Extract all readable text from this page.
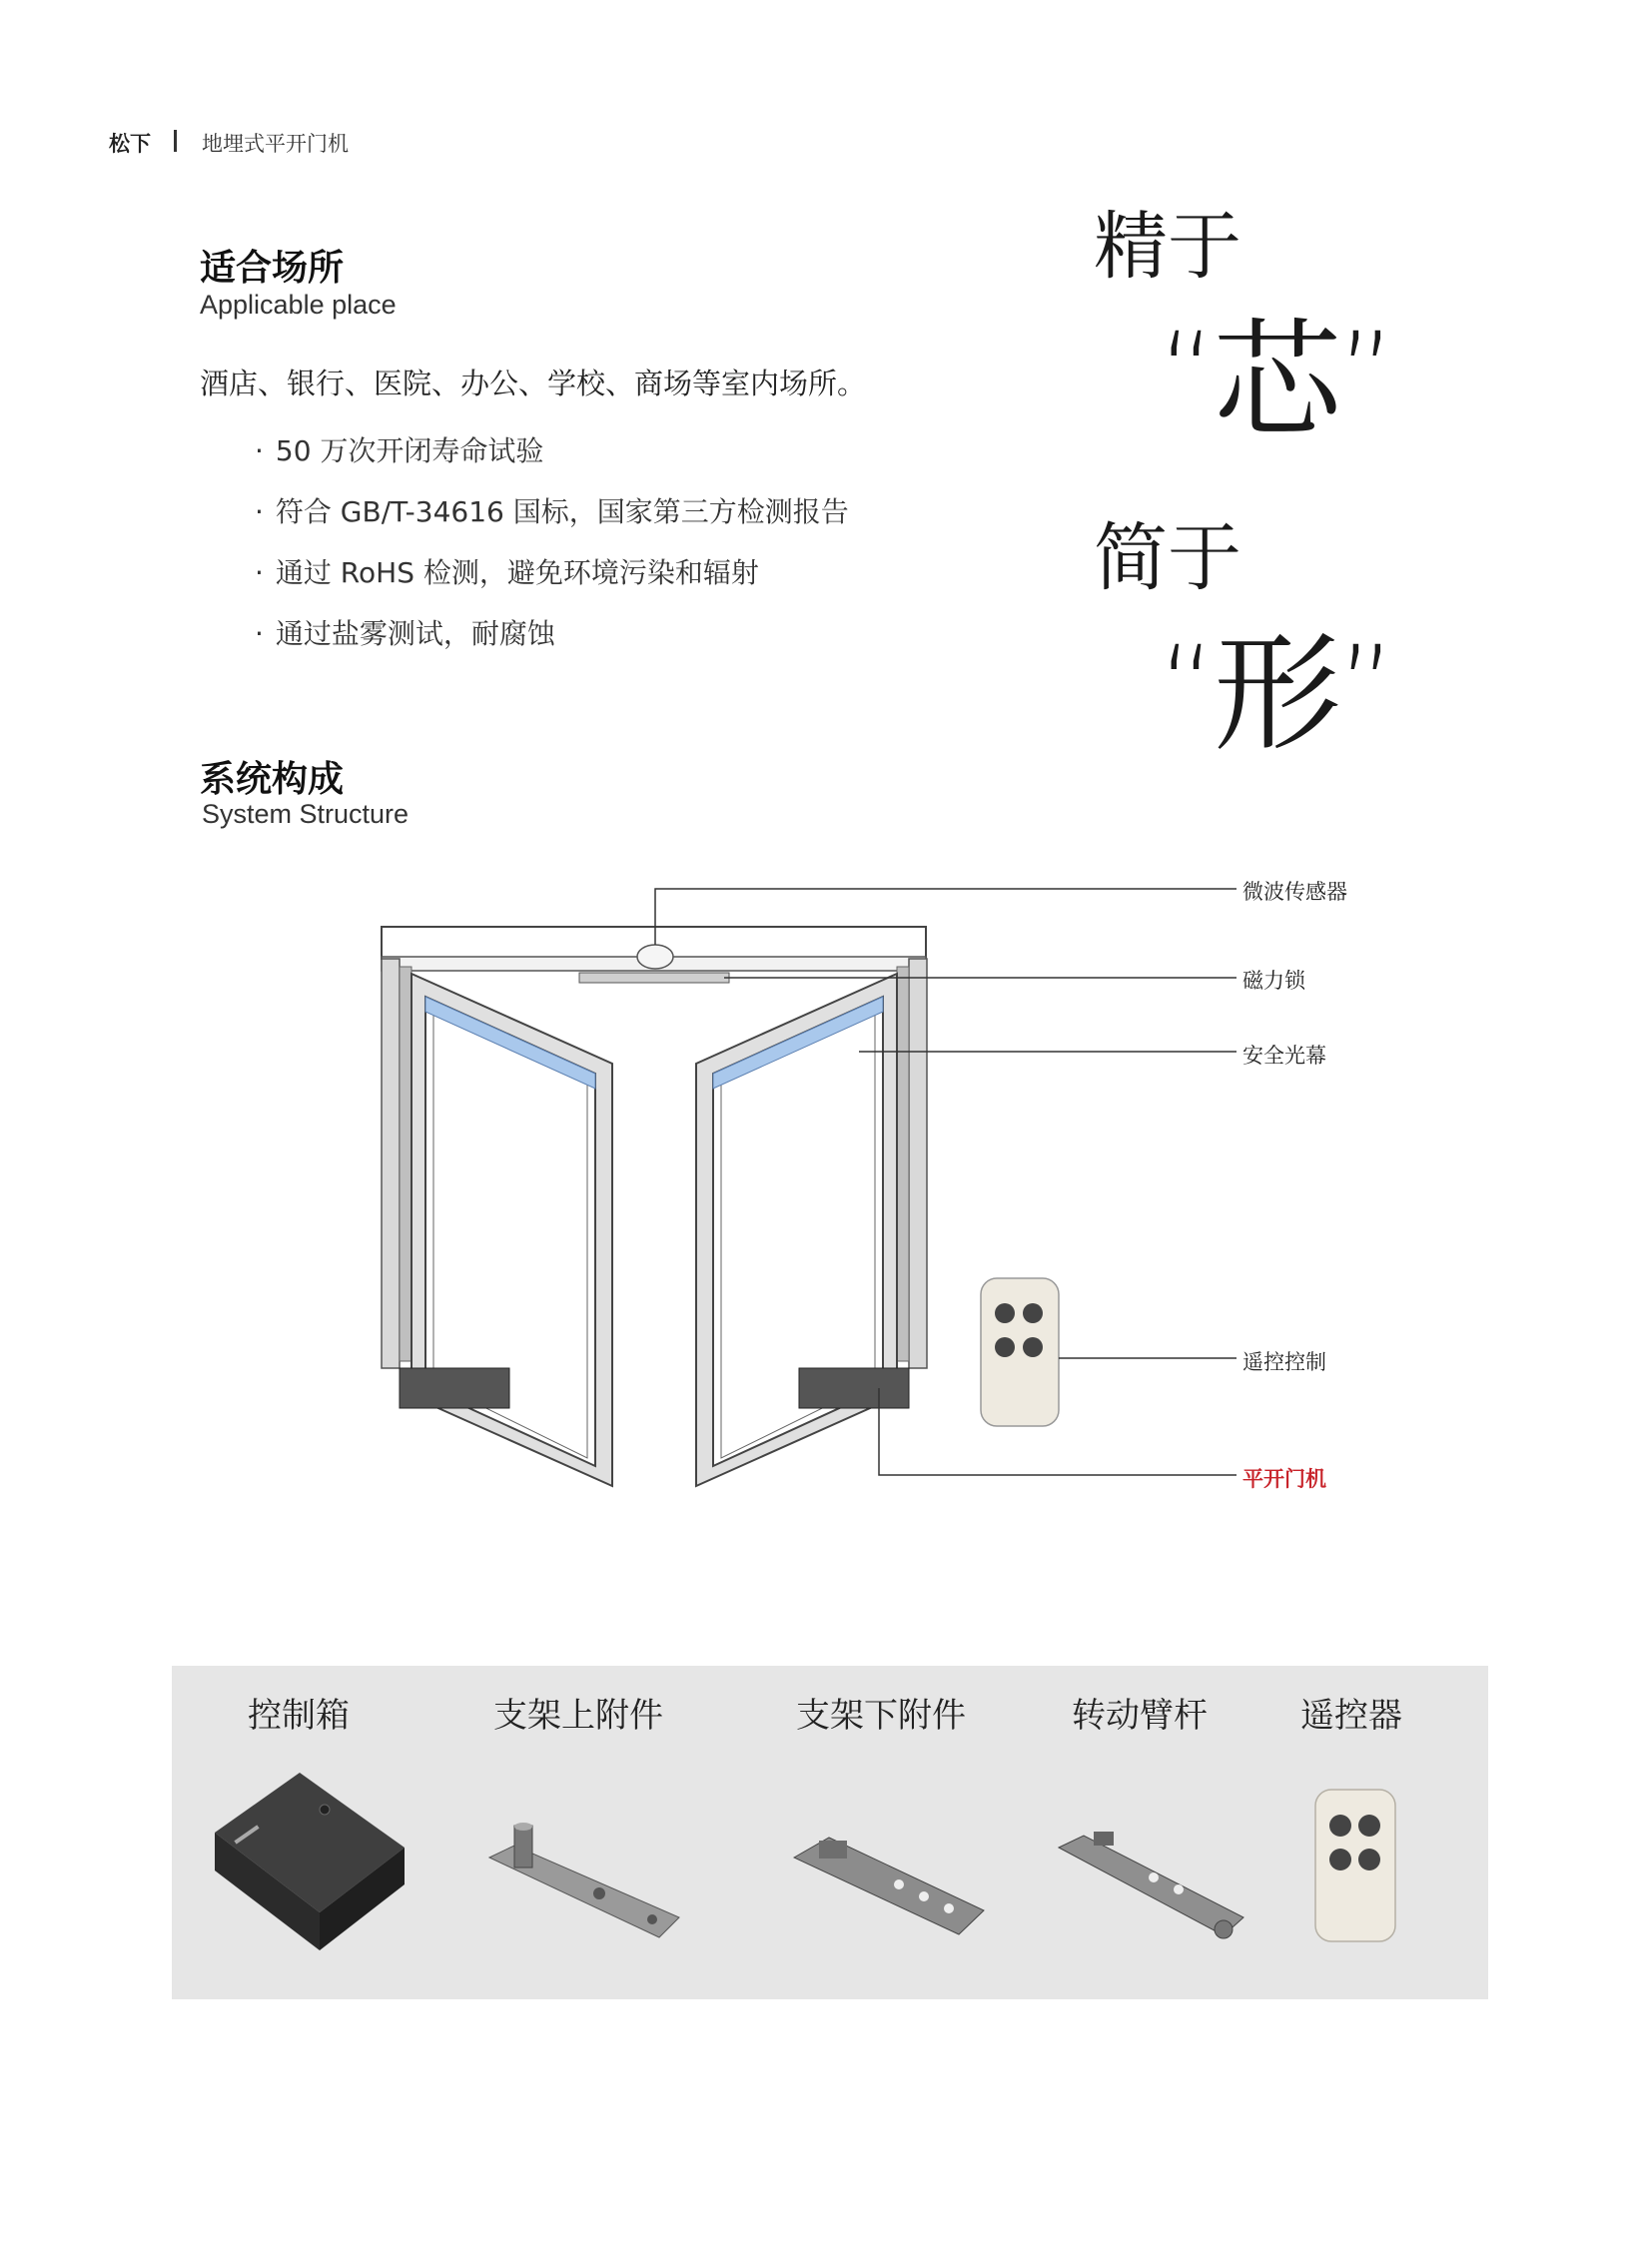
松下 地埋式平开门机
适合场所
Applicable place
酒店、银行、医院、办公、学校、商场等室内场所。
· 50 万次开闭寿命试验
· 符合 GB/T-34616 国标，国家第三方检测报告
· 通过 RoHS 检测，避免环境污染和辐射
· 通过盐雾测试，耐腐蚀
精于
“
芯
”
简于
“
形
”
系统构成
System Structure
微波传感器
磁力锁
安全光幕
遥控控制
平开门机
控制箱	支架上附件	支架下附件	转动臂杆	遥控器
